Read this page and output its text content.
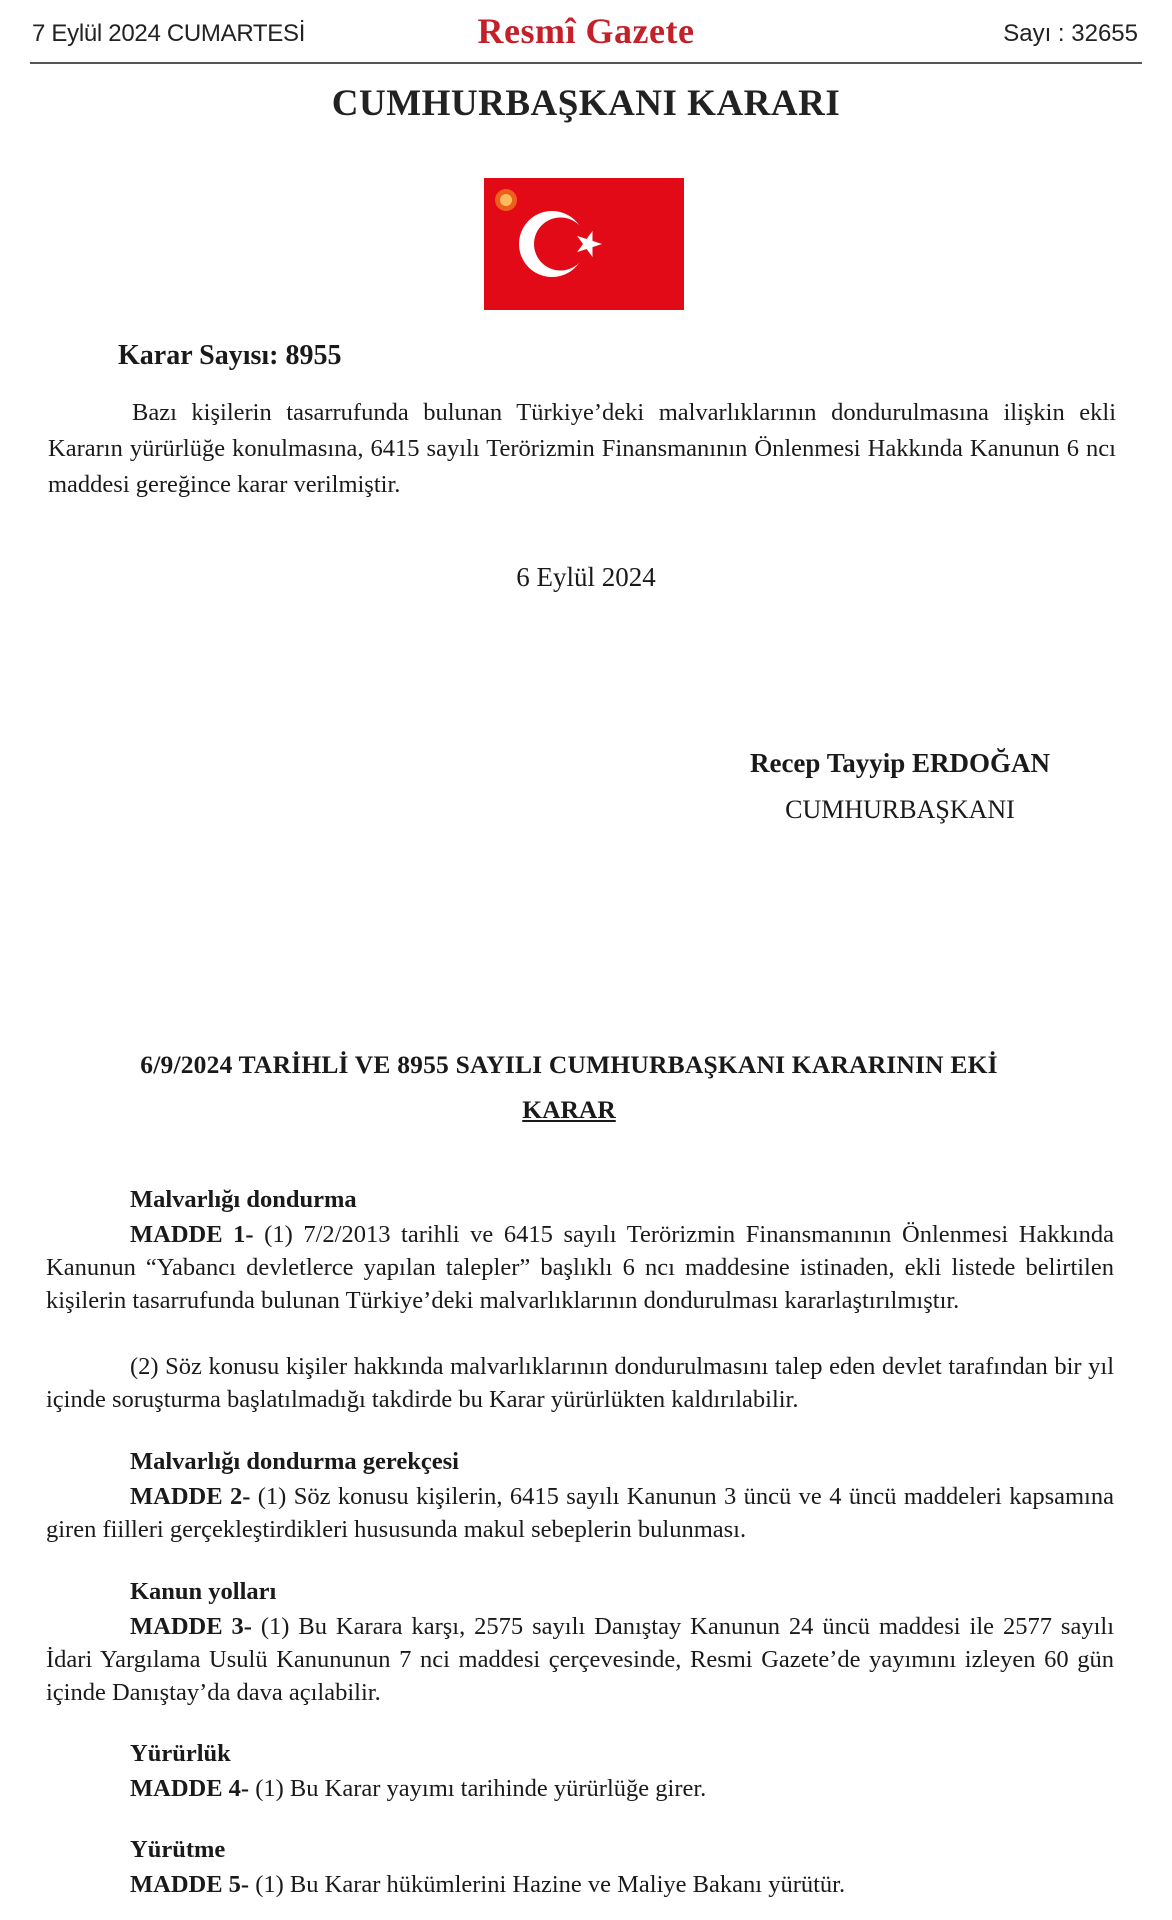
7 Eylül 2024 CUMARTESİ	Resmî Gazete	Sayı : 32655
CUMHURBAŞKANI KARARI
Karar Sayısı: 8955
Bazı kişilerin tasarrufunda bulunan Türkiye’deki malvarlıklarının dondurulmasına ilişkin ekli Kararın yürürlüğe konulmasına, 6415 sayılı Terörizmin Finansmanının Önlenmesi Hakkında Kanunun 6 ncı maddesi gereğince karar verilmiştir.
6 Eylül 2024
Recep Tayyip ERDOĞAN
CUMHURBAŞKANI
6/9/2024 TARİHLİ VE 8955 SAYILI CUMHURBAŞKANI KARARININ EKİ
KARAR
Malvarlığı dondurma
MADDE 1- (1) 7/2/2013 tarihli ve 6415 sayılı Terörizmin Finansmanının Önlenmesi Hakkında Kanunun “Yabancı devletlerce yapılan talepler” başlıklı 6 ncı maddesine istinaden, ekli listede belirtilen kişilerin tasarrufunda bulunan Türkiye’deki malvarlıklarının dondurulması kararlaştırılmıştır.
(2) Söz konusu kişiler hakkında malvarlıklarının dondurulmasını talep eden devlet tarafından bir yıl içinde soruşturma başlatılmadığı takdirde bu Karar yürürlükten kaldırılabilir.
Malvarlığı dondurma gerekçesi
MADDE 2- (1) Söz konusu kişilerin, 6415 sayılı Kanunun 3 üncü ve 4 üncü maddeleri kapsamına giren fiilleri gerçekleştirdikleri hususunda makul sebeplerin bulunması.
Kanun yolları
MADDE 3- (1) Bu Karara karşı, 2575 sayılı Danıştay Kanunun 24 üncü maddesi ile 2577 sayılı İdari Yargılama Usulü Kanununun 7 nci maddesi çerçevesinde, Resmi Gazete’de yayımını izleyen 60 gün içinde Danıştay’da dava açılabilir.
Yürürlük
MADDE 4- (1) Bu Karar yayımı tarihinde yürürlüğe girer.
Yürütme
MADDE 5- (1) Bu Karar hükümlerini Hazine ve Maliye Bakanı yürütür.
